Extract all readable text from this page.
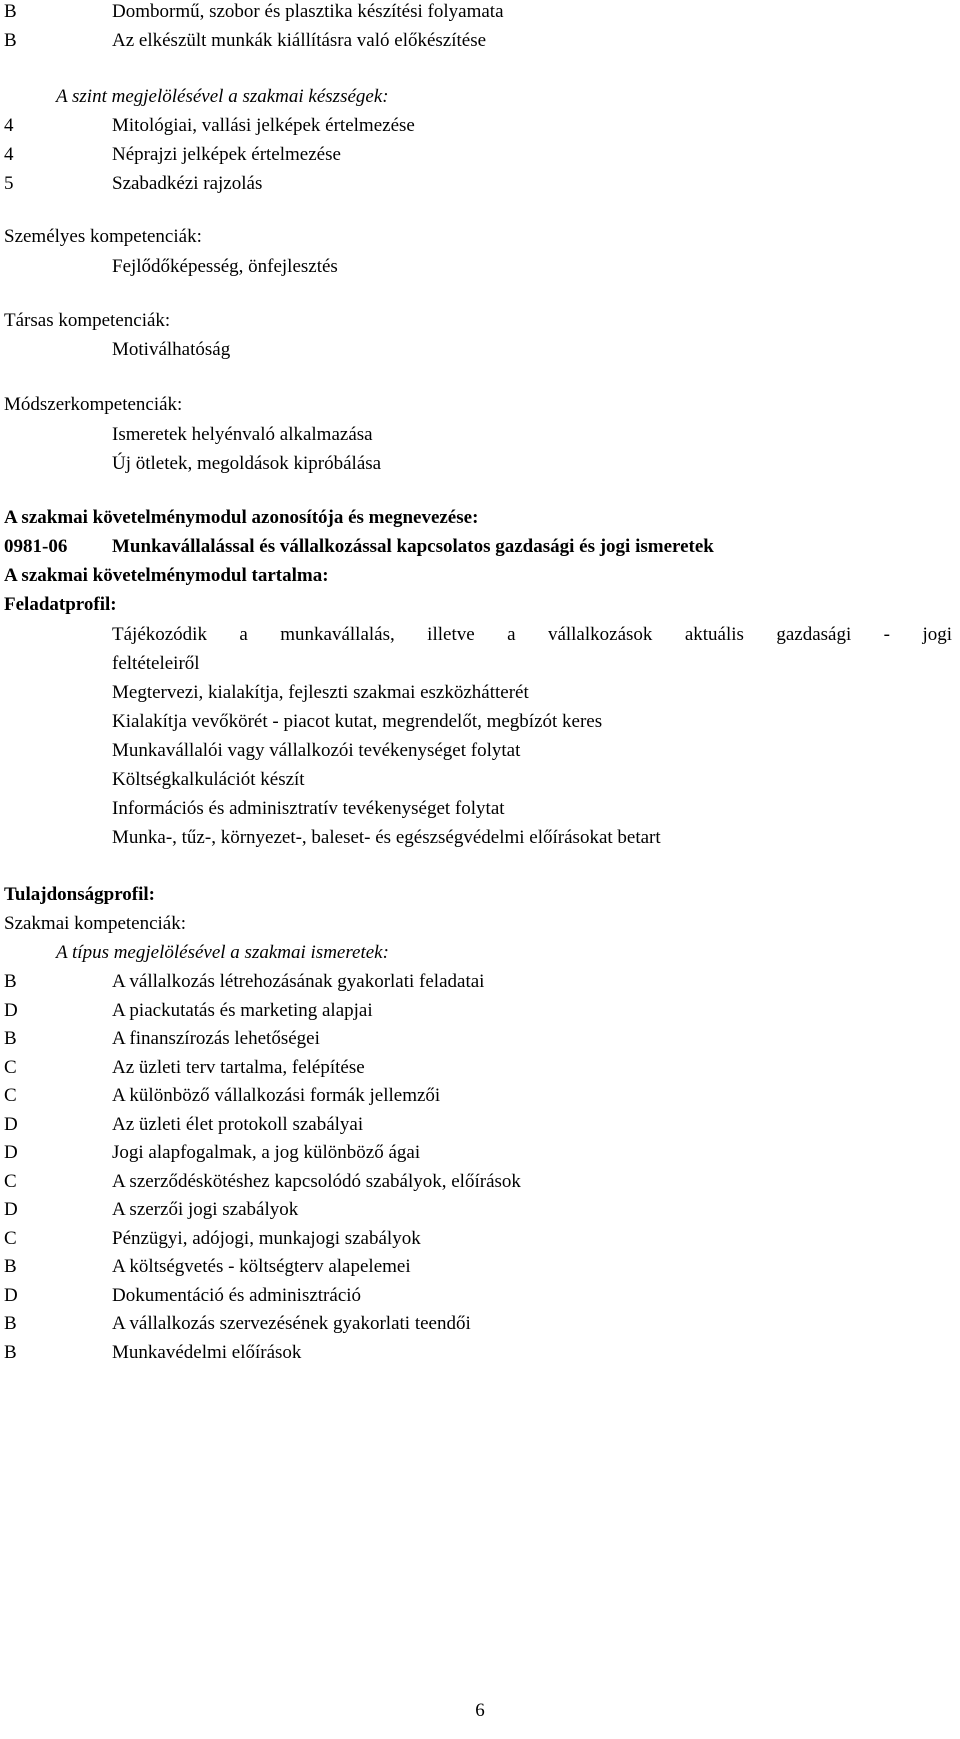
B	Dombormű, szobor és plasztika készítési folyamata
B	Az elkészült munkák kiállításra való előkészítése
A szint megjelölésével a szakmai készségek:
4	Mitológiai, vallási jelképek értelmezése
4	Néprajzi jelképek értelmezése
5	Szabadkézi rajzolás
Személyes kompetenciák:
Fejlődőképesség, önfejlesztés
Társas kompetenciák:
Motiválhatóság
Módszerkompetenciák:
Ismeretek helyénvaló alkalmazása
Új ötletek, megoldások kipróbálása
A szakmai követelménymodul azonosítója és megnevezése:
0981-06	Munkavállalással és vállalkozással kapcsolatos gazdasági és jogi ismeretek
A szakmai követelménymodul tartalma:
Feladatprofil:
Tájékozódik a munkavállalás, illetve a vállalkozások aktuális gazdasági - jogi
feltételeiről
Megtervezi, kialakítja, fejleszti szakmai eszközhátterét
Kialakítja vevőkörét - piacot kutat, megrendelőt, megbízót keres
Munkavállalói vagy vállalkozói tevékenységet folytat
Költségkalkulációt készít
Információs és adminisztratív tevékenységet folytat
Munka-, tűz-, környezet-, baleset- és egészségvédelmi előírásokat betart
Tulajdonságprofil:
Szakmai kompetenciák:
A típus megjelölésével a szakmai ismeretek:
B	A vállalkozás létrehozásának gyakorlati feladatai
D	A piackutatás és marketing alapjai
B	A finanszírozás lehetőségei
C	Az üzleti terv tartalma, felépítése
C	A különböző vállalkozási formák jellemzői
D	Az üzleti élet protokoll szabályai
D	Jogi alapfogalmak, a jog különböző ágai
C	A szerződéskötéshez kapcsolódó szabályok, előírások
D	A szerzői jogi szabályok
C	Pénzügyi, adójogi, munkajogi szabályok
B	A költségvetés - költségterv alapelemei
D	Dokumentáció és adminisztráció
B	A vállalkozás szervezésének gyakorlati teendői
B	Munkavédelmi előírások
6
